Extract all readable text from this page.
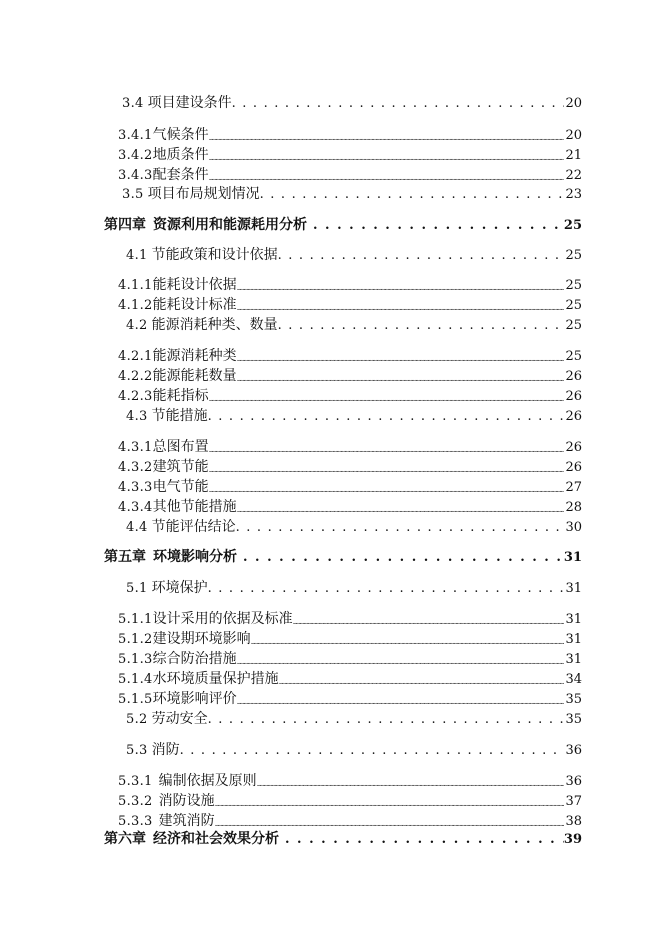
3.4 项目建设条件 . . .	20
3.4.1 气候条件 .....	20
3.4.2 地质条件 .....	21
3.4.3 配套条件 .....	22
3.5 项目布局规划情况 . . .	23
第四章 资源利用和能源耗用分析 . . .	25
4.1 节能政策和设计依据 . . .	25
4.1.1 能耗设计依据 .....	25
4.1.2 能耗设计标准 .....	25
4.2 能源消耗种类、数量 . . .	25
4.2.1 能源消耗种类 .....	25
4.2.2 能源能耗数量 .....	26
4.2.3 能耗指标 .....	26
4.3 节能措施 . . .	26
4.3.1 总图布置 .....	26
4.3.2 建筑节能 .....	26
4.3.3 电气节能 .....	27
4.3.4 其他节能措施 .....	28
4.4 节能评估结论 . . .	30
第五章 环境影响分析 . . .	31
5.1 环境保护 . . .	31
5.1.1 设计采用的依据及标准 .....	31
5.1.2 建设期环境影响 .....	31
5.1.3 综合防治措施 .....	31
5.1.4 水环境质量保护措施 .....	34
5.1.5 环境影响评价 .....	35
5.2 劳动安全 . . .	35
5.3 消防 . . .	36
5.3.1 编制依据及原则 .....	36
5.3.2 消防设施 .....	37
5.3.3 建筑消防 .....	38
第六章 经济和社会效果分析 . . .	39
